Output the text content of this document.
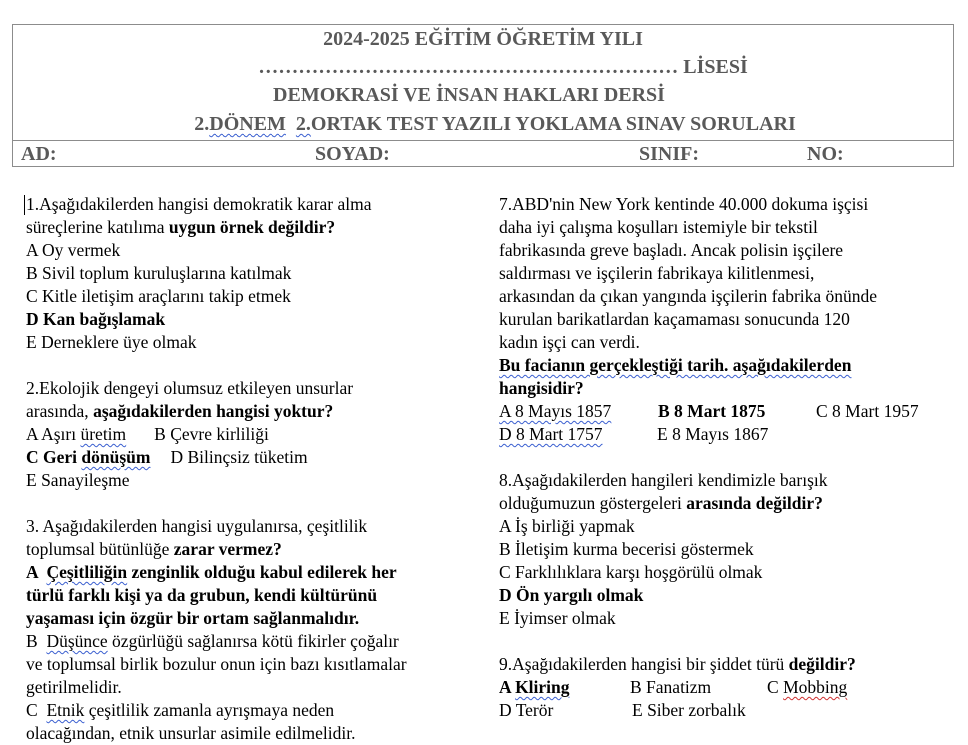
2024-2025 EĞİTİM ÖĞRETİM YILI
……………………………………………………… LİSESİ
DEMOKRASİ VE İNSAN HAKLARI DERSİ
2.DÖNEM 2.ORTAK TEST YAZILI YOKLAMA SINAV SORULARI
AD:	SOYAD:	SINIF:	NO:
1.Aşağıdakilerden hangisi demokratik karar alma
süreçlerine katılıma uygun örnek değildir?
A Oy vermek
B Sivil toplum kuruluşlarına katılmak
C Kitle iletişim araçlarını takip etmek
D Kan bağışlamak
E Derneklere üye olmak
2.Ekolojik dengeyi olumsuz etkileyen unsurlar
arasında, aşağıdakilerden hangisi yoktur?
A Aşırı üretim B Çevre kirliliği
C Geri dönüşüm D Bilinçsiz tüketim
E Sanayileşme
3. Aşağıdakilerden hangisi uygulanırsa, çeşitlilik
toplumsal bütünlüğe zarar vermez?
A  Çeşitliliğin zenginlik olduğu kabul edilerek her
türlü farklı kişi ya da grubun, kendi kültürünü
yaşaması için özgür bir ortam sağlanmalıdır.
B  Düşünce özgürlüğü sağlanırsa kötü fikirler çoğalır
ve toplumsal birlik bozulur onun için bazı kısıtlamalar
getirilmelidir.
C  Etnik çeşitlilik zamanla ayrışmaya neden
olacağından, etnik unsurlar asimile edilmelidir.
7.ABD'nin New York kentinde 40.000 dokuma işçisi
daha iyi çalışma koşulları istemiyle bir tekstil
fabrikasında greve başladı. Ancak polisin işçilere
saldırması ve işçilerin fabrikaya kilitlenmesi,
arkasından da çıkan yangında işçilerin fabrika önünde
kurulan barikatlardan kaçamaması sonucunda 120
kadın işçi can verdi.
Bu facianın gerçekleştiği tarih. aşağıdakilerden
hangisidir?
A 8 Mayıs 1857	B 8 Mart 1875	C 8 Mart 1957
D 8 Mart 1757	E 8 Mayıs 1867
8.Aşağıdakilerden hangileri kendimizle barışık
olduğumuzun göstergeleri arasında değildir?
A İş birliği yapmak
B İletişim kurma becerisi göstermek
C Farklılıklara karşı hoşgörülü olmak
D Ön yargılı olmak
E İyimser olmak
9.Aşağıdakilerden hangisi bir şiddet türü değildir?
A Kliring	B Fanatizm	C Mobbing
D Terör	E Siber zorbalık
